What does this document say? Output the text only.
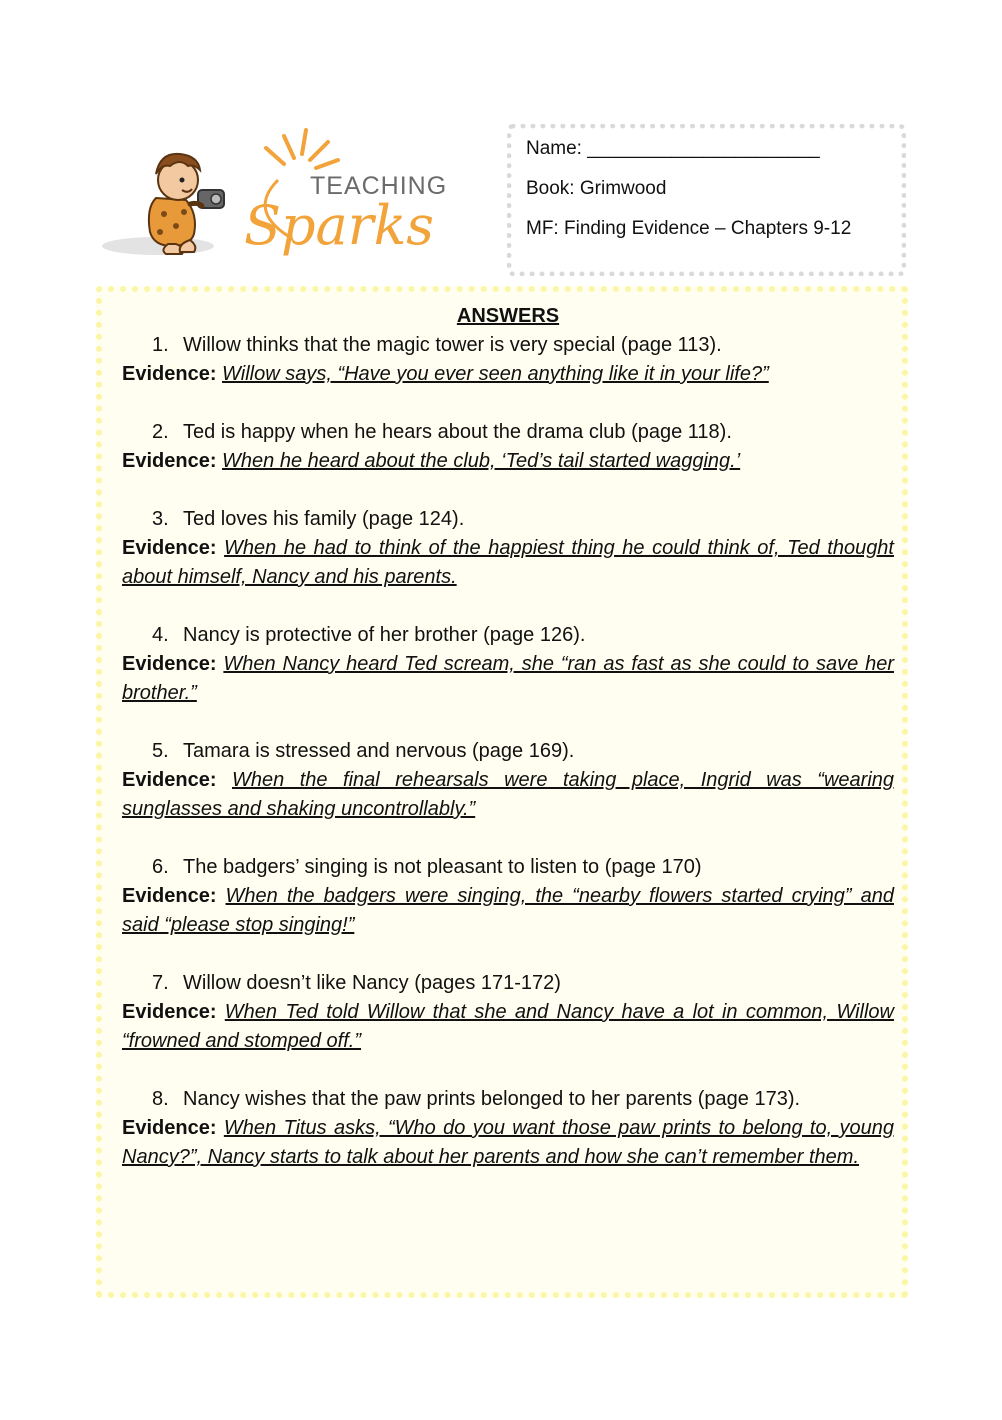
TEACHING
Sparks

Name: ______________________

Book: Grimwood

MF: Finding Evidence – Chapters 9-12

ANSWERS

1. Willow thinks that the magic tower is very special (page 113).

Evidence: Willow says, “Have you ever seen anything like it in your life?”

2. Ted is happy when he hears about the drama club (page 118).

Evidence: When he heard about the club, ‘Ted’s tail started wagging.’

3. Ted loves his family (page 124).

Evidence: When he had to think of the happiest thing he could think of, Ted thought about himself, Nancy and his parents.

4. Nancy is protective of her brother (page 126).

Evidence: When Nancy heard Ted scream, she “ran as fast as she could to save her brother.”

5. Tamara is stressed and nervous (page 169).

Evidence: When the final rehearsals were taking place, Ingrid was “wearing sunglasses and shaking uncontrollably.”

6. The badgers’ singing is not pleasant to listen to (page 170)

Evidence: When the badgers were singing, the “nearby flowers started crying” and said “please stop singing!”

7. Willow doesn’t like Nancy (pages 171-172)

Evidence: When Ted told Willow that she and Nancy have a lot in common, Willow “frowned and stomped off.”

8. Nancy wishes that the paw prints belonged to her parents (page 173).

Evidence: When Titus asks, “Who do you want those paw prints to belong to, young Nancy?”, Nancy starts to talk about her parents and how she can’t remember them.
